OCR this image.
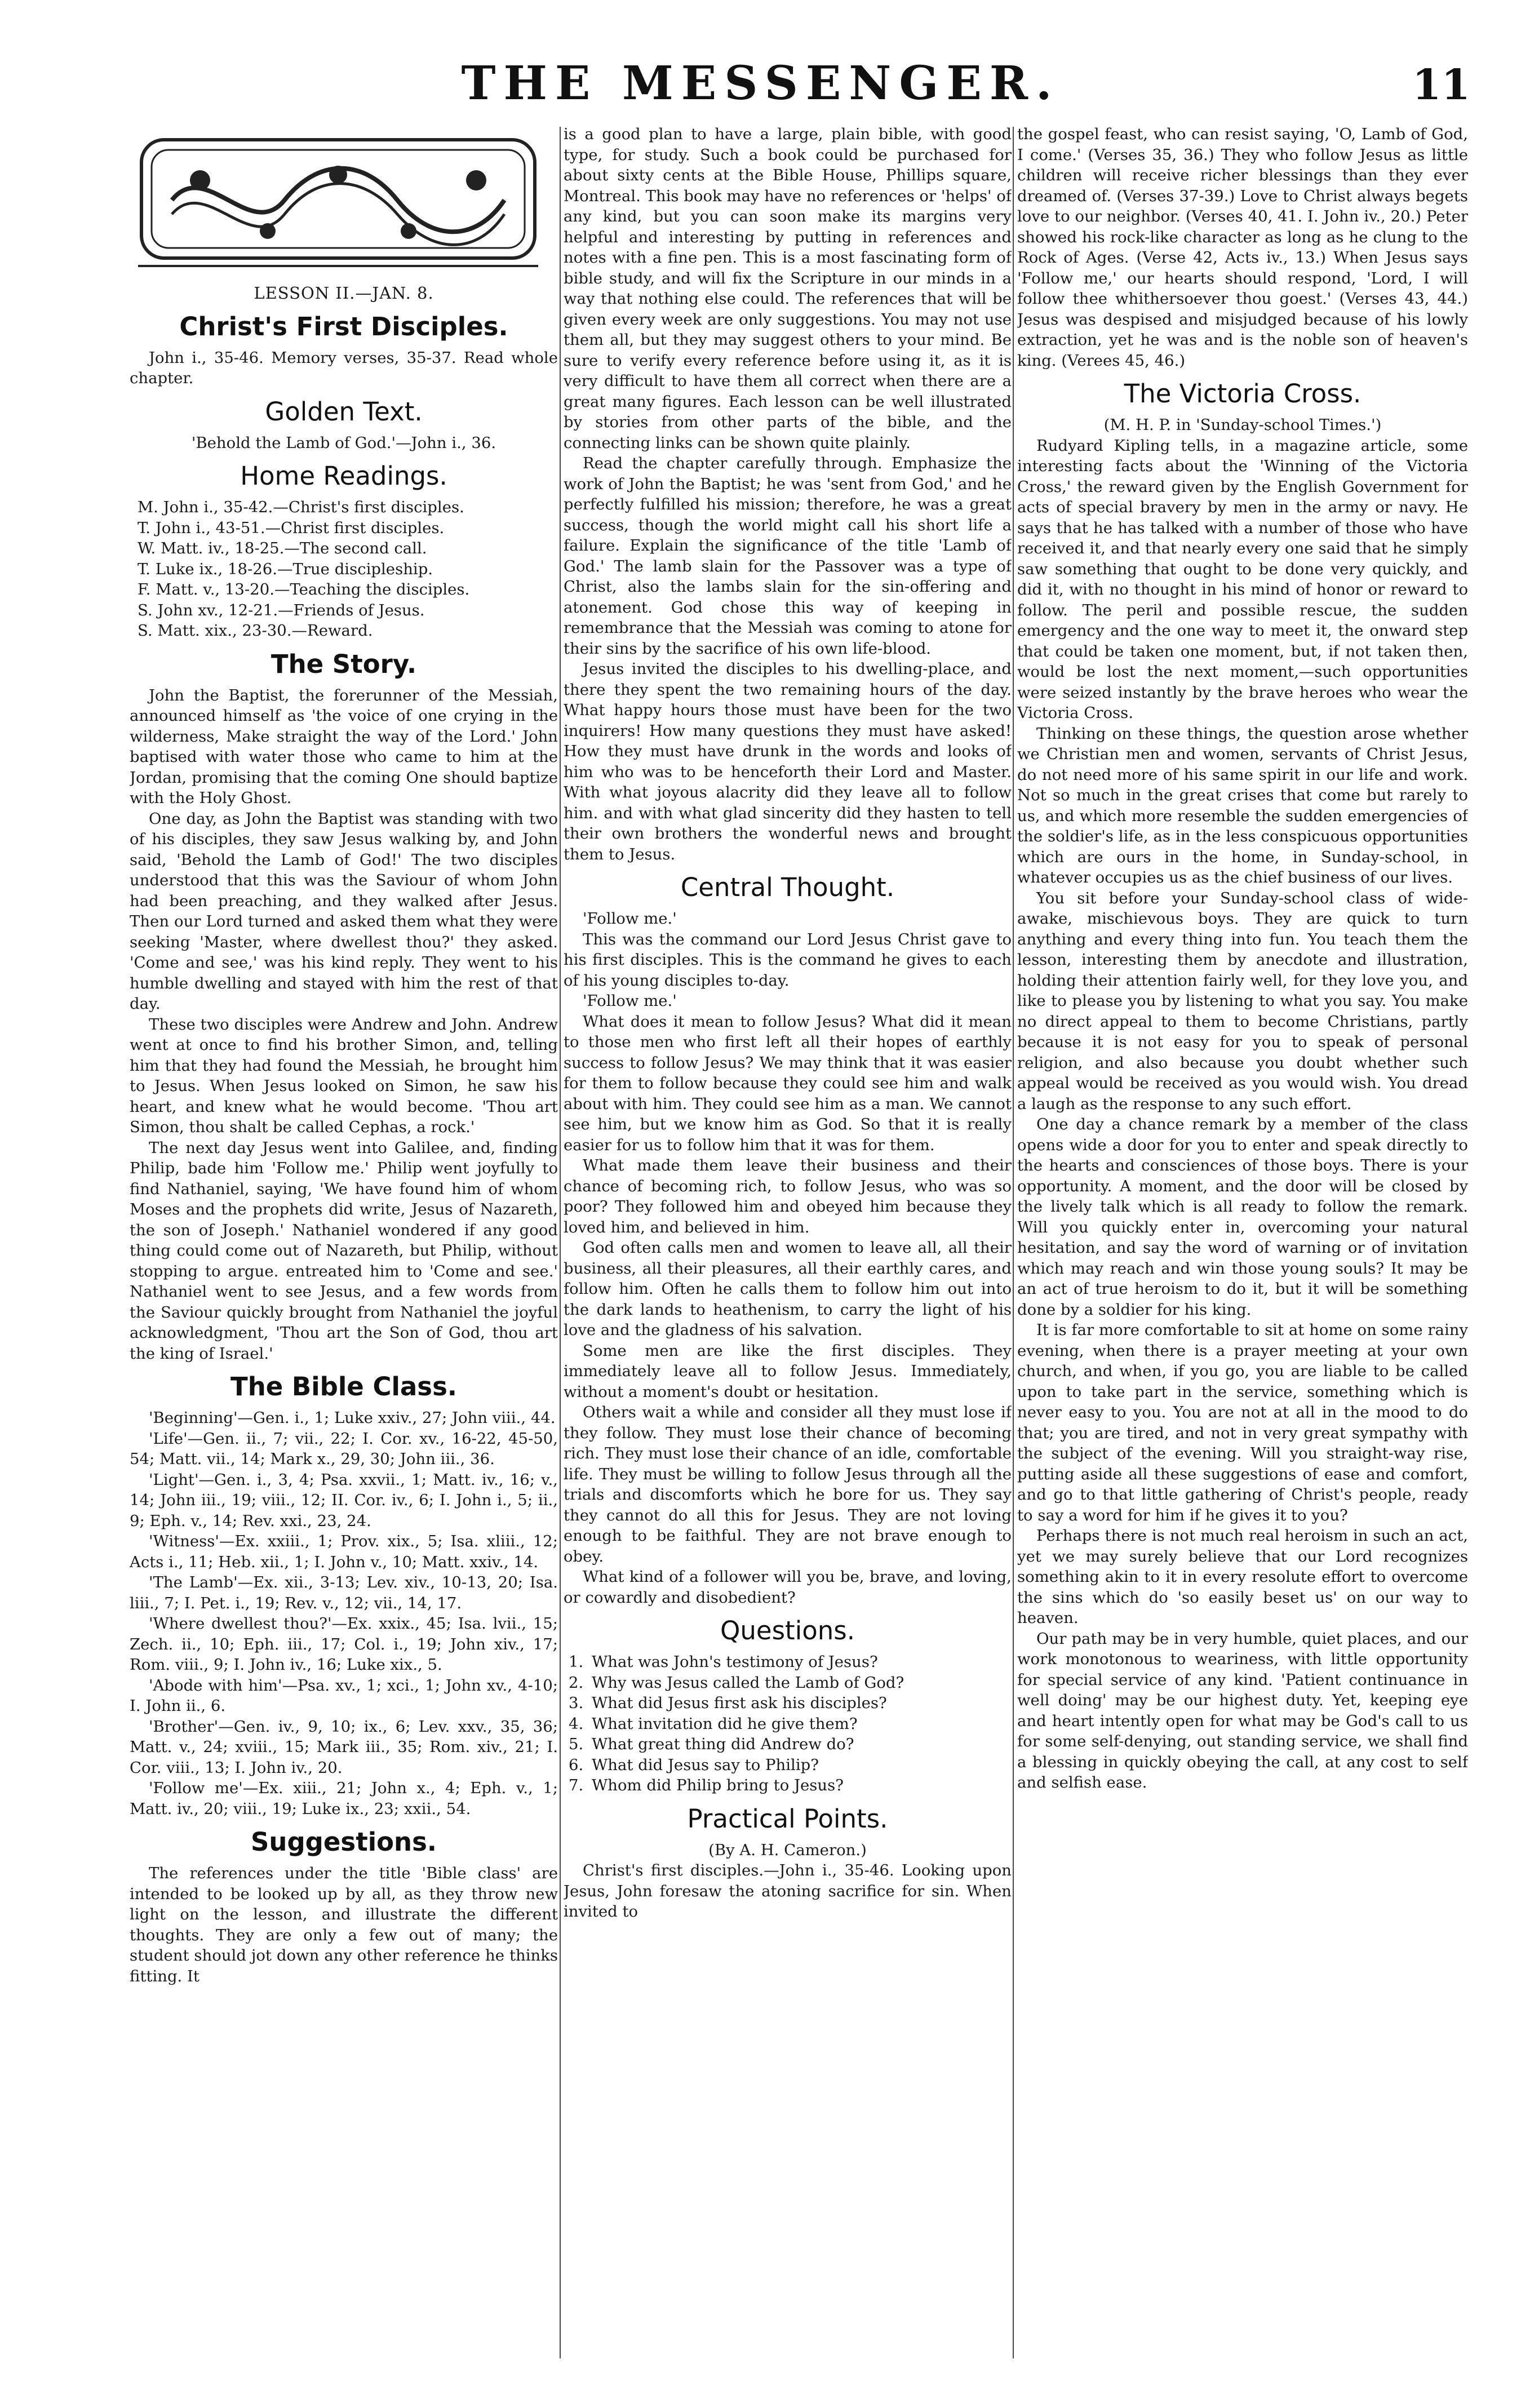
THE MESSENGER.	11
LESSON II.—JAN. 8.
Christ's First Disciples.

John i., 35-46. Memory verses, 35-37. Read whole chapter.

Golden Text.

'Behold the Lamb of God.'—John i., 36.

Home Readings.
M. John i., 35-42.—Christ's first disciples.
T. John i., 43-51.—Christ first disciples.
W. Matt. iv., 18-25.—The second call.
T. Luke ix., 18-26.—True discipleship.
F. Matt. v., 13-20.—Teaching the disciples.
S. John xv., 12-21.—Friends of Jesus.
S. Matt. xix., 23-30.—Reward.
The Story.

John the Baptist, the forerunner of the Messiah, announced himself as 'the voice of one crying in the wilderness, Make straight the way of the Lord.' John baptised with water those who came to him at the Jordan, promising that the coming One should baptize with the Holy Ghost.

One day, as John the Baptist was standing with two of his disciples, they saw Jesus walking by, and John said, 'Behold the Lamb of God!' The two disciples understood that this was the Saviour of whom John had been preaching, and they walked after Jesus. Then our Lord turned and asked them what they were seeking 'Master, where dwellest thou?' they asked. 'Come and see,' was his kind reply. They went to his humble dwelling and stayed with him the rest of that day.

These two disciples were Andrew and John. Andrew went at once to find his brother Simon, and, telling him that they had found the Messiah, he brought him to Jesus. When Jesus looked on Simon, he saw his heart, and knew what he would become. 'Thou art Simon, thou shalt be called Cephas, a rock.'

The next day Jesus went into Galilee, and, finding Philip, bade him 'Follow me.' Philip went joyfully to find Nathaniel, saying, 'We have found him of whom Moses and the prophets did write, Jesus of Nazareth, the son of Joseph.' Nathaniel wondered if any good thing could come out of Nazareth, but Philip, without stopping to argue. entreated him to 'Come and see.' Nathaniel went to see Jesus, and a few words from the Saviour quickly brought from Nathaniel the joyful acknowledgment, 'Thou art the Son of God, thou art the king of Israel.'

The Bible Class.

'Beginning'—Gen. i., 1; Luke xxiv., 27; John viii., 44.

'Life'—Gen. ii., 7; vii., 22; I. Cor. xv., 16-22, 45-50, 54; Matt. vii., 14; Mark x., 29, 30; John iii., 36.

'Light'—Gen. i., 3, 4; Psa. xxvii., 1; Matt. iv., 16; v., 14; John iii., 19; viii., 12; II. Cor. iv., 6; I. John i., 5; ii., 9; Eph. v., 14; Rev. xxi., 23, 24.

'Witness'—Ex. xxiii., 1; Prov. xix., 5; Isa. xliii., 12; Acts i., 11; Heb. xii., 1; I. John v., 10; Matt. xxiv., 14.

'The Lamb'—Ex. xii., 3-13; Lev. xiv., 10-13, 20; Isa. liii., 7; I. Pet. i., 19; Rev. v., 12; vii., 14, 17.

'Where dwellest thou?'—Ex. xxix., 45; Isa. lvii., 15; Zech. ii., 10; Eph. iii., 17; Col. i., 19; John xiv., 17; Rom. viii., 9; I. John iv., 16; Luke xix., 5.

'Abode with him'—Psa. xv., 1; xci., 1; John xv., 4-10; I. John ii., 6.

'Brother'—Gen. iv., 9, 10; ix., 6; Lev. xxv., 35, 36; Matt. v., 24; xviii., 15; Mark iii., 35; Rom. xiv., 21; I. Cor. viii., 13; I. John iv., 20.

'Follow me'—Ex. xiii., 21; John x., 4; Eph. v., 1; Matt. iv., 20; viii., 19; Luke ix., 23; xxii., 54.

Suggestions.

The references under the title 'Bible class' are intended to be looked up by all, as they throw new light on the lesson, and illustrate the different thoughts. They are only a few out of many; the student should jot down any other reference he thinks fitting. It

is a good plan to have a large, plain bible, with good type, for study. Such a book could be purchased for about sixty cents at the Bible House, Phillips square, Montreal. This book may have no references or 'helps' of any kind, but you can soon make its margins very helpful and interesting by putting in references and notes with a fine pen. This is a most fascinating form of bible study, and will fix the Scripture in our minds in a way that nothing else could. The references that will be given every week are only suggestions. You may not use them all, but they may suggest others to your mind. Be sure to verify every reference before using it, as it is very difficult to have them all correct when there are a great many figures. Each lesson can be well illustrated by stories from other parts of the bible, and the connecting links can be shown quite plainly.

Read the chapter carefully through. Emphasize the work of John the Baptist; he was 'sent from God,' and he perfectly fulfilled his mission; therefore, he was a great success, though the world might call his short life a failure. Explain the significance of the title 'Lamb of God.' The lamb slain for the Passover was a type of Christ, also the lambs slain for the sin-offering and atonement. God chose this way of keeping in remembrance that the Messiah was coming to atone for their sins by the sacrifice of his own life-blood.

Jesus invited the disciples to his dwelling-place, and there they spent the two remaining hours of the day. What happy hours those must have been for the two inquirers! How many questions they must have asked! How they must have drunk in the words and looks of him who was to be henceforth their Lord and Master. With what joyous alacrity did they leave all to follow him. and with what glad sincerity did they hasten to tell their own brothers the wonderful news and brought them to Jesus.

Central Thought.

'Follow me.'

This was the command our Lord Jesus Christ gave to his first disciples. This is the command he gives to each of his young disciples to-day.

'Follow me.'

What does it mean to follow Jesus? What did it mean to those men who first left all their hopes of earthly success to follow Jesus? We may think that it was easier for them to follow because they could see him and walk about with him. They could see him as a man. We cannot see him, but we know him as God. So that it is really easier for us to follow him that it was for them.

What made them leave their business and their chance of becoming rich, to follow Jesus, who was so poor? They followed him and obeyed him because they loved him, and believed in him.

God often calls men and women to leave all, all their business, all their pleasures, all their earthly cares, and follow him. Often he calls them to follow him out into the dark lands to heathenism, to carry the light of his love and the gladness of his salvation.

Some men are like the first disciples. They immediately leave all to follow Jesus. Immediately, without a moment's doubt or hesitation.

Others wait a while and consider all they must lose if they follow. They must lose their chance of becoming rich. They must lose their chance of an idle, comfortable life. They must be willing to follow Jesus through all the trials and discomforts which he bore for us. They say they cannot do all this for Jesus. They are not loving enough to be faithful. They are not brave enough to obey.

What kind of a follower will you be, brave, and loving, or cowardly and disobedient?

Questions.
1. What was John's testimony of Jesus?
2. Why was Jesus called the Lamb of God?
3. What did Jesus first ask his disciples?
4. What invitation did he give them?
5. What great thing did Andrew do?
6. What did Jesus say to Philip?
7. Whom did Philip bring to Jesus?
Practical Points.

(By A. H. Cameron.)

Christ's first disciples.—John i., 35-46. Looking upon Jesus, John foresaw the atoning sacrifice for sin. When invited to

the gospel feast, who can resist saying, 'O, Lamb of God, I come.' (Verses 35, 36.) They who follow Jesus as little children will receive richer blessings than they ever dreamed of. (Verses 37-39.) Love to Christ always begets love to our neighbor. (Verses 40, 41. I. John iv., 20.) Peter showed his rock-like character as long as he clung to the Rock of Ages. (Verse 42, Acts iv., 13.) When Jesus says 'Follow me,' our hearts should respond, 'Lord, I will follow thee whithersoever thou goest.' (Verses 43, 44.) Jesus was despised and misjudged because of his lowly extraction, yet he was and is the noble son of heaven's king. (Verees 45, 46.)

The Victoria Cross.

(M. H. P. in 'Sunday-school Times.')

Rudyard Kipling tells, in a magazine article, some interesting facts about the 'Winning of the Victoria Cross,' the reward given by the English Government for acts of special bravery by men in the army or navy. He says that he has talked with a number of those who have received it, and that nearly every one said that he simply saw something that ought to be done very quickly, and did it, with no thought in his mind of honor or reward to follow. The peril and possible rescue, the sudden emergency and the one way to meet it, the onward step that could be taken one moment, but, if not taken then, would be lost the next moment,—such opportunities were seized instantly by the brave heroes who wear the Victoria Cross.

Thinking on these things, the question arose whether we Christian men and women, servants of Christ Jesus, do not need more of his same spirit in our life and work. Not so much in the great crises that come but rarely to us, and which more resemble the sudden emergencies of the soldier's life, as in the less conspicuous opportunities which are ours in the home, in Sunday-school, in whatever occupies us as the chief business of our lives.

You sit before your Sunday-school class of wide-awake, mischievous boys. They are quick to turn anything and every thing into fun. You teach them the lesson, interesting them by anecdote and illustration, holding their attention fairly well, for they love you, and like to please you by listening to what you say. You make no direct appeal to them to become Christians, partly because it is not easy for you to speak of personal religion, and also because you doubt whether such appeal would be received as you would wish. You dread a laugh as the response to any such effort.

One day a chance remark by a member of the class opens wide a door for you to enter and speak directly to the hearts and consciences of those boys. There is your opportunity. A moment, and the door will be closed by the lively talk which is all ready to follow the remark. Will you quickly enter in, overcoming your natural hesitation, and say the word of warning or of invitation which may reach and win those young souls? It may be an act of true heroism to do it, but it will be something done by a soldier for his king.

It is far more comfortable to sit at home on some rainy evening, when there is a prayer meeting at your own church, and when, if you go, you are liable to be called upon to take part in the service, something which is never easy to you. You are not at all in the mood to do that; you are tired, and not in very great sympathy with the subject of the evening. Will you straight-way rise, putting aside all these suggestions of ease and comfort, and go to that little gathering of Christ's people, ready to say a word for him if he gives it to you?

Perhaps there is not much real heroism in such an act, yet we may surely believe that our Lord recognizes something akin to it in every resolute effort to overcome the sins which do 'so easily beset us' on our way to heaven.

Our path may be in very humble, quiet places, and our work monotonous to weariness, with little opportunity for special service of any kind. 'Patient continuance in well doing' may be our highest duty. Yet, keeping eye and heart intently open for what may be God's call to us for some self-denying, out standing service, we shall find a blessing in quickly obeying the call, at any cost to self and selfish ease.
